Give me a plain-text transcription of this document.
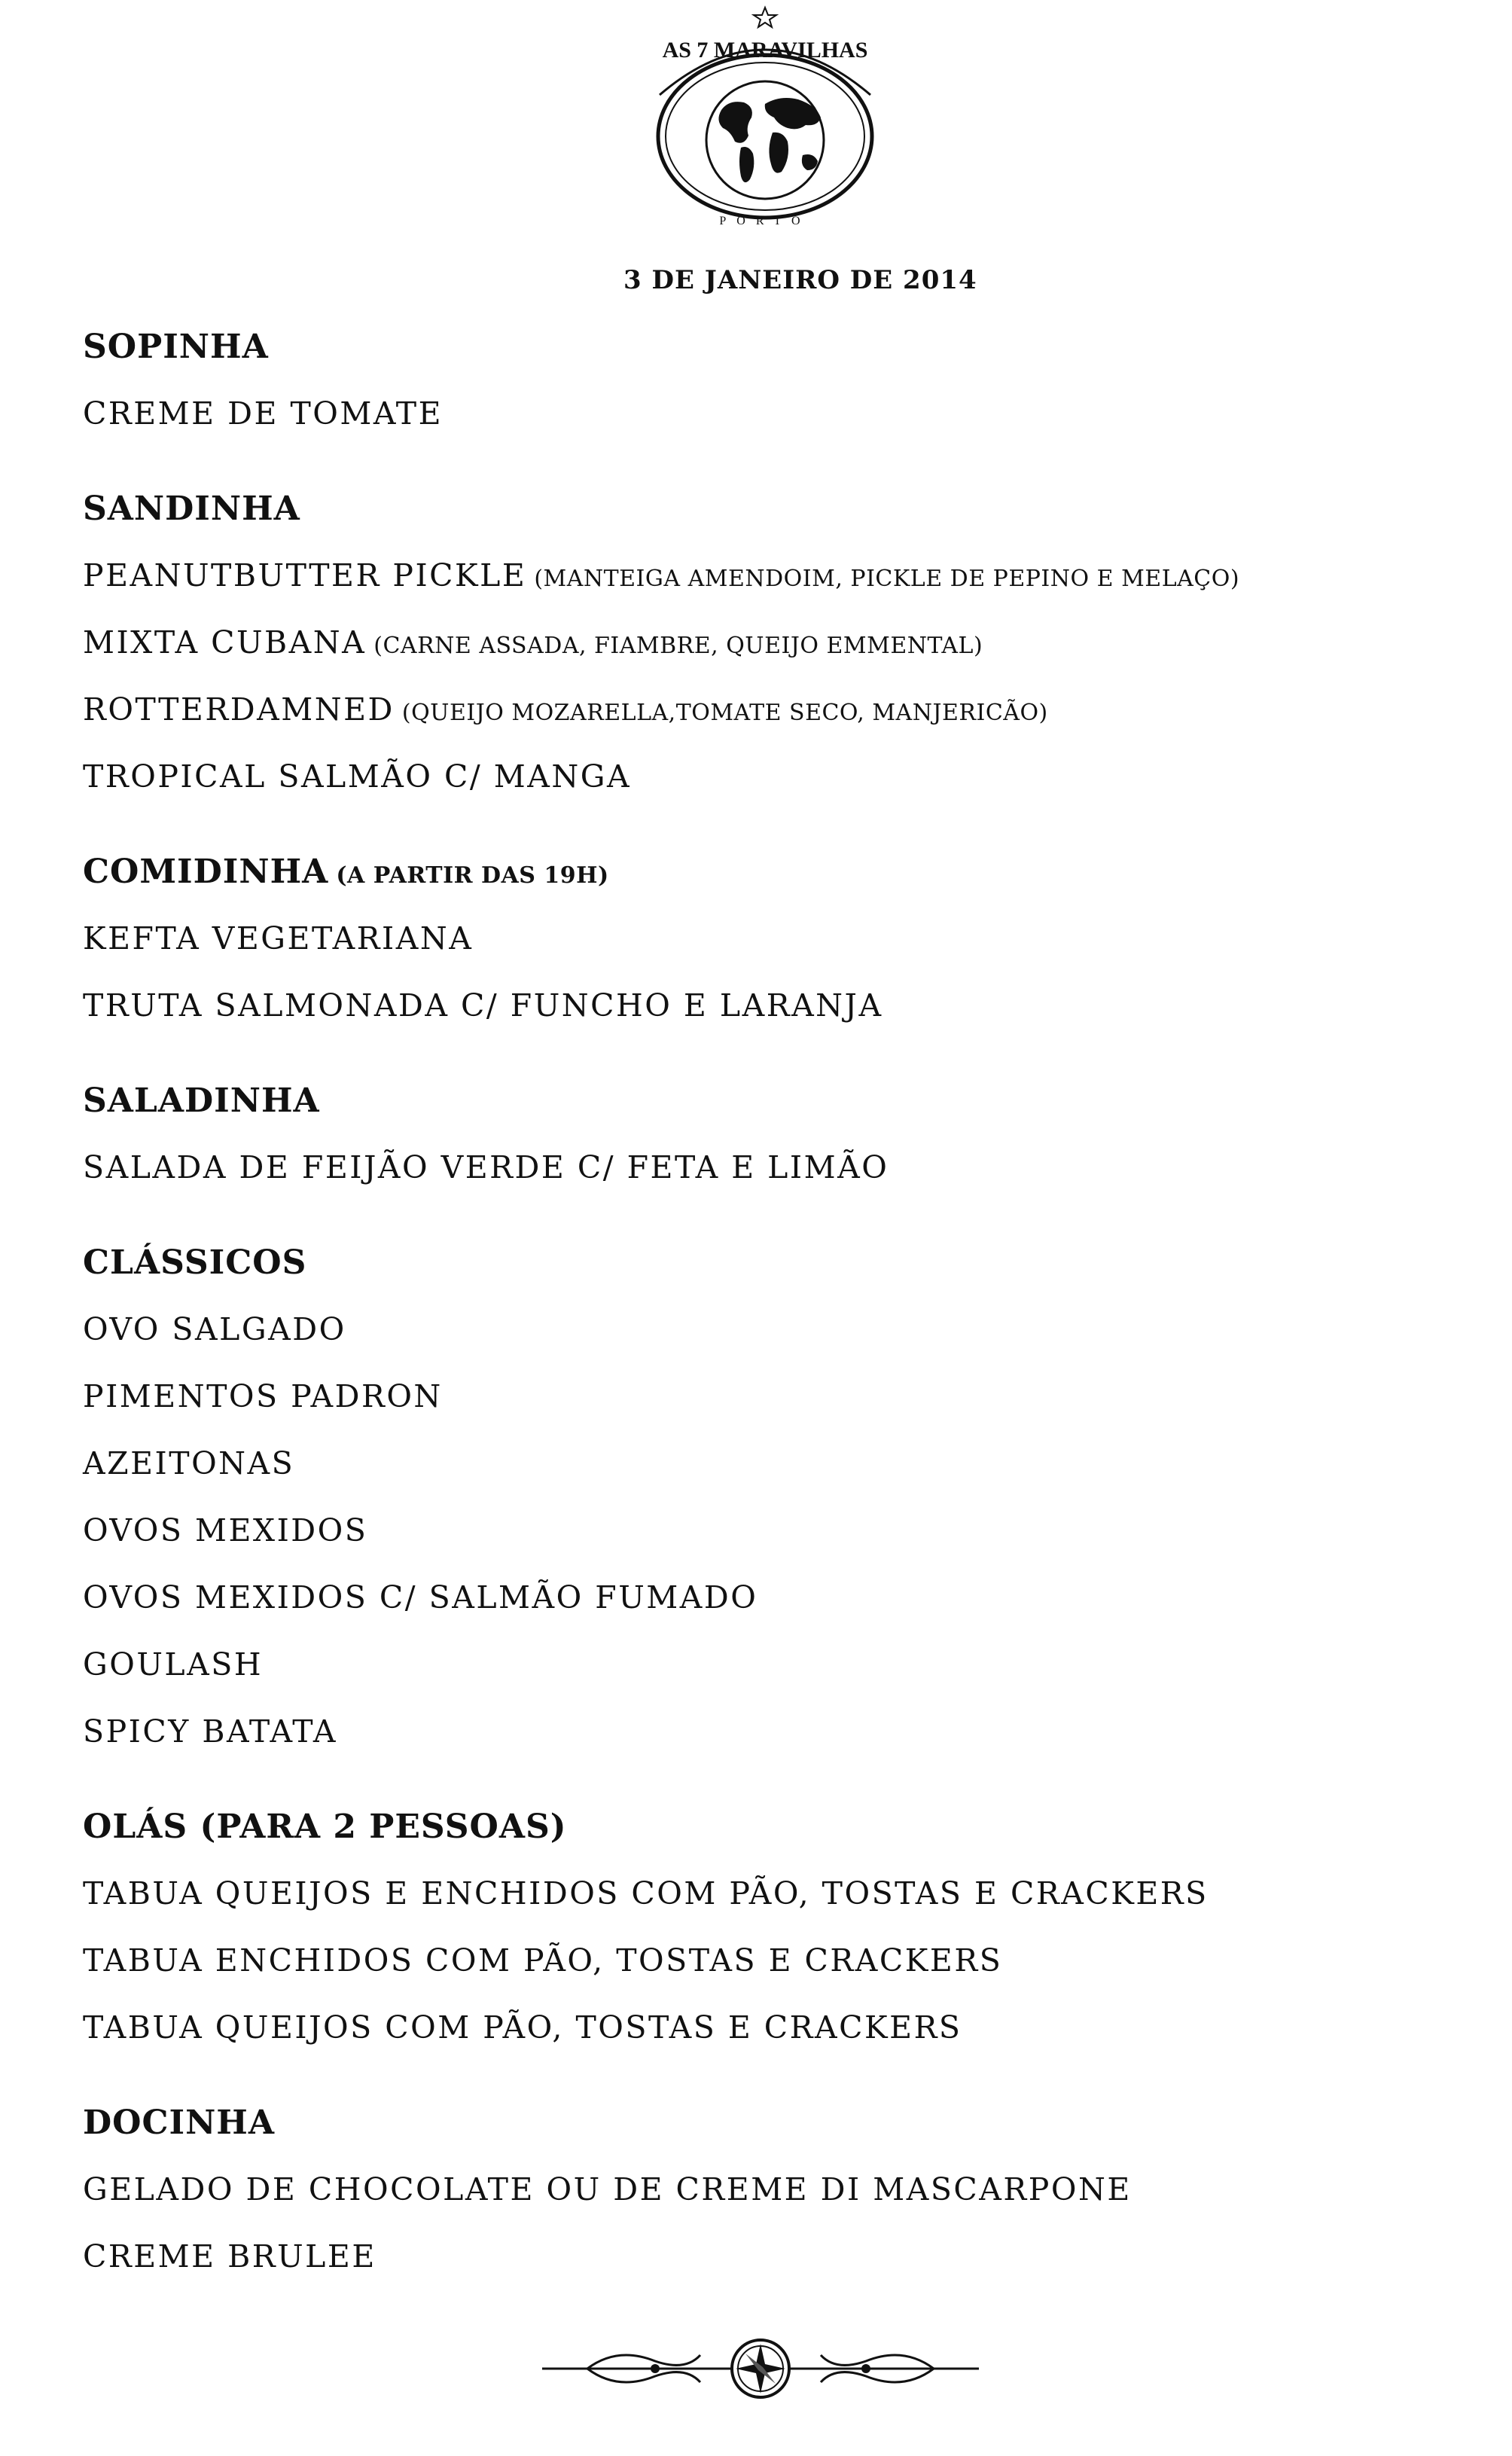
AS 7 MARAVILHAS
PORTO
3 DE JANEIRO DE 2014
SOPINHA
CREME DE TOMATE
SANDINHA
PEANUTBUTTER PICKLE (MANTEIGA AMENDOIM, PICKLE DE PEPINO E MELAÇO)
MIXTA CUBANA (CARNE ASSADA, FIAMBRE, QUEIJO EMMENTAL)
ROTTERDAMNED (QUEIJO MOZARELLA,TOMATE SECO, MANJERICÃO)
TROPICAL SALMÃO C/ MANGA
COMIDINHA (A PARTIR DAS 19H)
KEFTA VEGETARIANA
TRUTA SALMONADA C/ FUNCHO E LARANJA
SALADINHA
SALADA DE FEIJÃO VERDE C/ FETA E LIMÃO
CLÁSSICOS
OVO SALGADO
PIMENTOS PADRON
AZEITONAS
OVOS MEXIDOS
OVOS MEXIDOS C/ SALMÃO FUMADO
GOULASH
SPICY BATATA
OLÁS (PARA 2 PESSOAS)
TABUA QUEIJOS E ENCHIDOS COM PÃO, TOSTAS E CRACKERS
TABUA ENCHIDOS COM PÃO, TOSTAS E CRACKERS
TABUA QUEIJOS COM PÃO, TOSTAS E CRACKERS
DOCINHA
GELADO DE CHOCOLATE OU DE CREME DI MASCARPONE
CREME BRULEE
